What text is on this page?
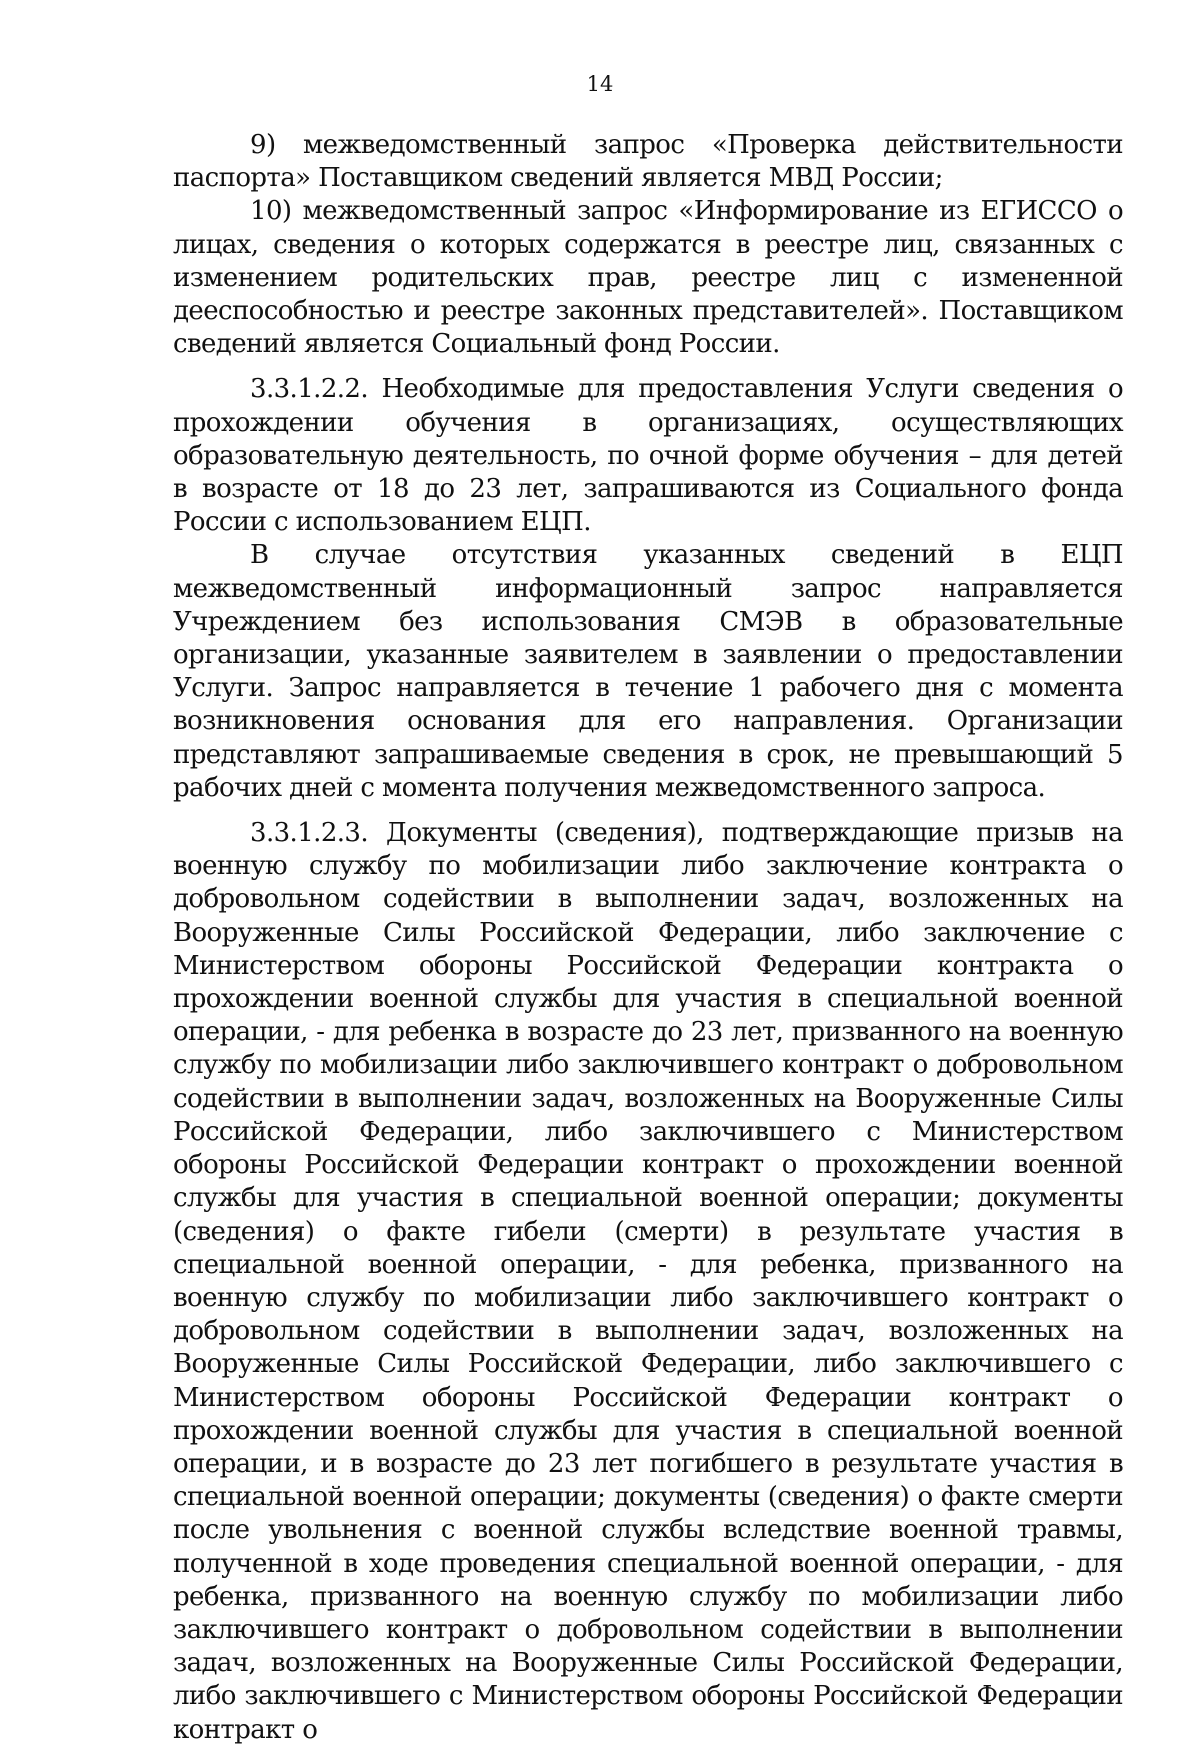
14

9) межведомственный запрос «Проверка действительности паспорта» Поставщиком сведений является МВД России;

10) межведомственный запрос «Информирование из ЕГИССО о лицах, сведения о которых содержатся в реестре лиц, связанных с изменением родительских прав, реестре лиц с измененной дееспособностью и реестре законных представителей». Поставщиком сведений является Социальный фонд России.

3.3.1.2.2. Необходимые для предоставления Услуги сведения о прохождении обучения в организациях, осуществляющих образовательную деятельность, по очной форме обучения – для детей в возрасте от 18 до 23 лет, запрашиваются из Социального фонда России с использованием ЕЦП.

В случае отсутствия указанных сведений в ЕЦП межведомственный информационный запрос направляется Учреждением без использования СМЭВ в образовательные организации, указанные заявителем в заявлении о предоставлении Услуги. Запрос направляется в течение 1 рабочего дня с момента возникновения основания для его направления. Организации представляют запрашиваемые сведения в срок, не превышающий 5 рабочих дней с момента получения межведомственного запроса.

3.3.1.2.3. Документы (сведения), подтверждающие призыв на военную службу по мобилизации либо заключение контракта о добровольном содействии в выполнении задач, возложенных на Вооруженные Силы Российской Федерации, либо заключение с Министерством обороны Российской Федерации контракта о прохождении военной службы для участия в специальной военной операции, - для ребенка в возрасте до 23 лет, призванного на военную службу по мобилизации либо заключившего контракт о добровольном содействии в выполнении задач, возложенных на Вооруженные Силы Российской Федерации, либо заключившего с Министерством обороны Российской Федерации контракт о прохождении военной службы для участия в специальной военной операции; документы (сведения) о факте гибели (смерти) в результате участия в специальной военной операции, - для ребенка, призванного на военную службу по мобилизации либо заключившего контракт о добровольном содействии в выполнении задач, возложенных на Вооруженные Силы Российской Федерации, либо заключившего с Министерством обороны Российской Федерации контракт о прохождении военной службы для участия в специальной военной операции, и в возрасте до 23 лет погибшего в результате участия в специальной военной операции; документы (сведения) о факте смерти после увольнения с военной службы вследствие военной травмы, полученной в ходе проведения специальной военной операции, - для ребенка, призванного на военную службу по мобилизации либо заключившего контракт о добровольном содействии в выполнении задач, возложенных на Вооруженные Силы Российской Федерации, либо заключившего с Министерством обороны Российской Федерации контракт о
